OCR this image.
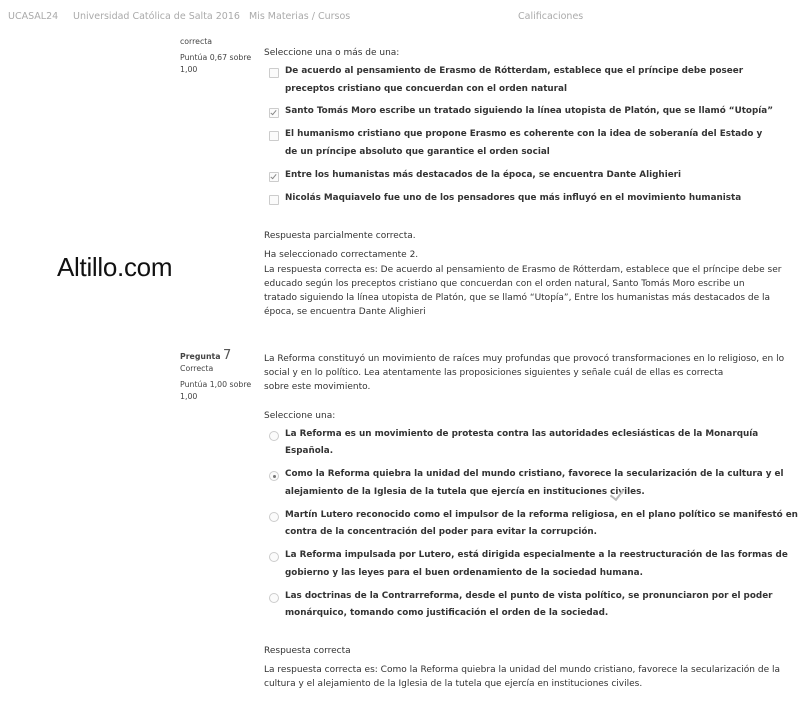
UCASAL24 Universidad Católica de Salta 2016 Mis Materias / Cursos	Calificaciones
Altillo.com
correcta
Puntúa 0,67 sobre
1,00
Seleccione una o más de una:
De acuerdo al pensamiento de Erasmo de Rótterdam, establece que el príncipe debe poseer
preceptos cristiano que concuerdan con el orden natural
Santo Tomás Moro escribe un tratado siguiendo la línea utopista de Platón, que se llamó “Utopía”
El humanismo cristiano que propone Erasmo es coherente con la idea de soberanía del Estado y
de un príncipe absoluto que garantice el orden social
Entre los humanistas más destacados de la época, se encuentra Dante Alighieri
Nicolás Maquiavelo fue uno de los pensadores que más influyó en el movimiento humanista
Respuesta parcialmente correcta.
Ha seleccionado correctamente 2.
La respuesta correcta es: De acuerdo al pensamiento de Erasmo de Rótterdam, establece que el príncipe debe ser
educado según los preceptos cristiano que concuerdan con el orden natural, Santo Tomás Moro escribe un
tratado siguiendo la línea utopista de Platón, que se llamó “Utopía”, Entre los humanistas más destacados de la
época, se encuentra Dante Alighieri
Pregunta 7
Correcta
Puntúa 1,00 sobre
1,00
La Reforma constituyó un movimiento de raíces muy profundas que provocó transformaciones en lo religioso, en lo
social y en lo político. Lea atentamente las proposiciones siguientes y señale cuál de ellas es correcta
sobre este movimiento.
Seleccione una:
La Reforma es un movimiento de protesta contra las autoridades eclesiásticas de la Monarquía
Española.
Como la Reforma quiebra la unidad del mundo cristiano, favorece la secularización de la cultura y el
alejamiento de la Iglesia de la tutela que ejercía en instituciones civiles.
Martín Lutero reconocido como el impulsor de la reforma religiosa, en el plano político se manifestó en
contra de la concentración del poder para evitar la corrupción.
La Reforma impulsada por Lutero, está dirigida especialmente a la reestructuración de las formas de
gobierno y las leyes para el buen ordenamiento de la sociedad humana.
Las doctrinas de la Contrarreforma, desde el punto de vista político, se pronunciaron por el poder
monárquico, tomando como justificación el orden de la sociedad.
Respuesta correcta
La respuesta correcta es: Como la Reforma quiebra la unidad del mundo cristiano, favorece la secularización de la
cultura y el alejamiento de la Iglesia de la tutela que ejercía en instituciones civiles.
